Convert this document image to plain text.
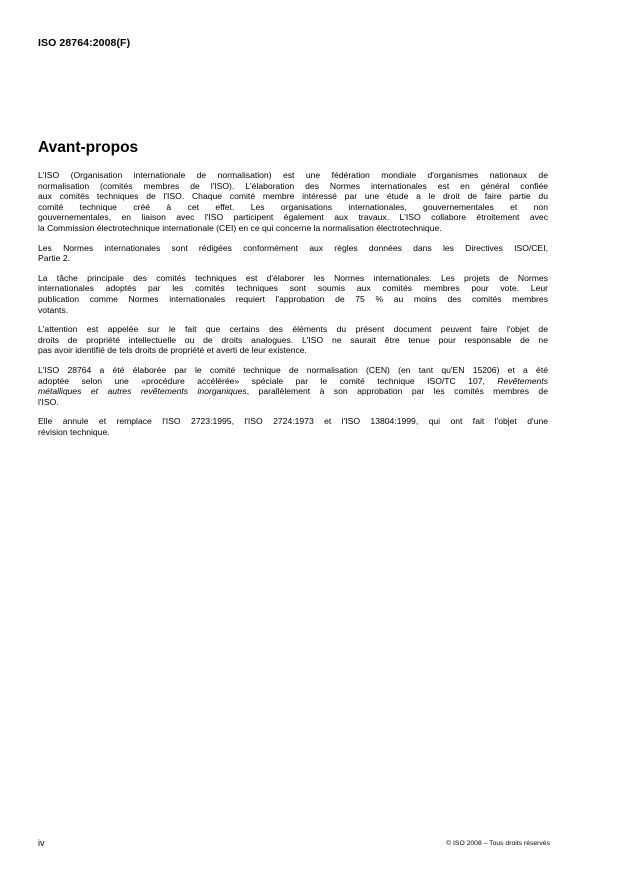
ISO 28764:2008(F)
Avant-propos

L'ISO (Organisation internationale de normalisation) est une fédération mondiale d'organismes nationaux de
normalisation (comités membres de l'ISO). L'élaboration des Normes internationales est en général confiée
aux comités techniques de l'ISO. Chaque comité membre intéressé par une étude a le droit de faire partie du
comité technique créé à cet effet. Les organisations internationales, gouvernementales et non
gouvernementales, en liaison avec l'ISO participent également aux travaux. L'ISO collabore étroitement avec
la Commission électrotechnique internationale (CEI) en ce qui concerne la normalisation électrotechnique.

Les Normes internationales sont rédigées conformément aux règles données dans les Directives ISO/CEI,
Partie 2.

La tâche principale des comités techniques est d'élaborer les Normes internationales. Les projets de Normes
internationales adoptés par les comités techniques sont soumis aux comités membres pour vote. Leur
publication comme Normes internationales requiert l'approbation de 75 % au moins des comités membres
votants.

L'attention est appelée sur le fait que certains des éléments du présent document peuvent faire l'objet de
droits de propriété intellectuelle ou de droits analogues. L'ISO ne saurait être tenue pour responsable de ne
pas avoir identifié de tels droits de propriété et averti de leur existence.

L'ISO 28764 a été élaborée par le comité technique de normalisation (CEN) (en tant qu'EN 15206) et a été
adoptée selon une «procédure accélérée» spéciale par le comité technique ISO/TC 107, Revêtements
métalliques et autres revêtements inorganiques, parallèlement à son approbation par les comités membres de
l'ISO.

Elle annule et remplace l'ISO 2723:1995, l'ISO 2724:1973 et l'ISO 13804:1999, qui ont fait l'objet d'une
révision technique.

iv	© ISO 2008 – Tous droits réservés
